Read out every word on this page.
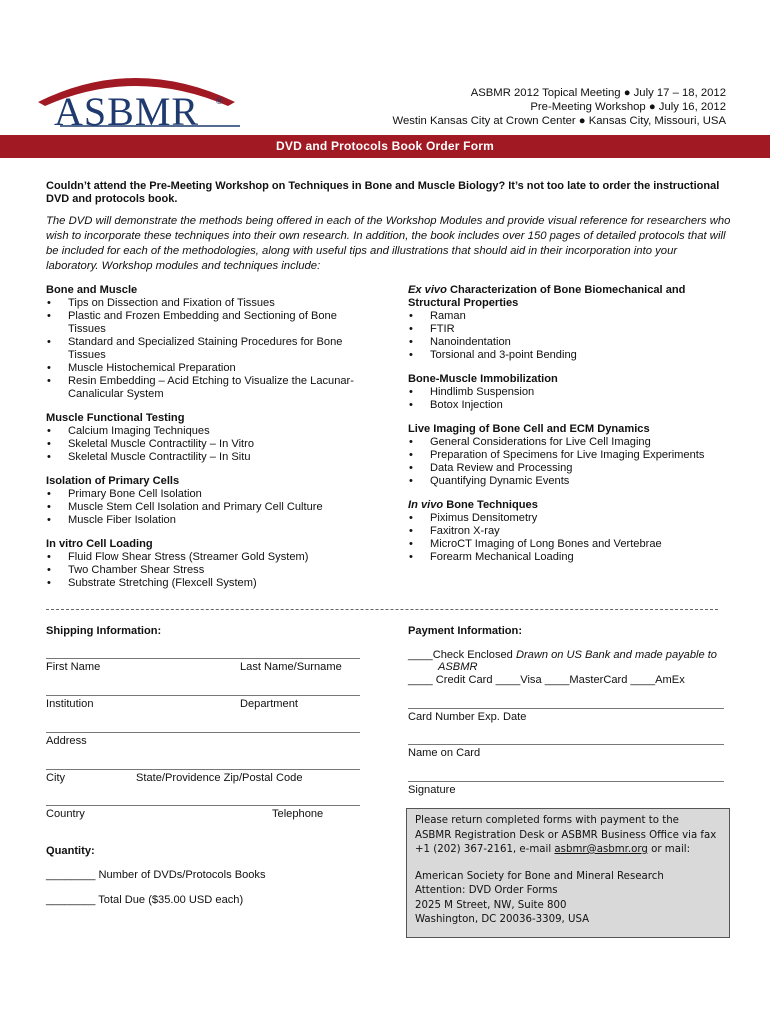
ASBMR ®
ASBMR 2012 Topical Meeting ● July 17 – 18, 2012
Pre-Meeting Workshop ● July 16, 2012
Westin Kansas City at Crown Center ● Kansas City, Missouri, USA
DVD and Protocols Book Order Form
Couldn’t attend the Pre-Meeting Workshop on Techniques in Bone and Muscle Biology? It’s not too late to order the instructional DVD and protocols book.
The DVD will demonstrate the methods being offered in each of the Workshop Modules and provide visual reference for researchers who wish to incorporate these techniques into their own research. In addition, the book includes over 150 pages of detailed protocols that will be included for each of the methodologies, along with useful tips and illustrations that should aid in their incorporation into your laboratory. Workshop modules and techniques include:

Bone and Muscle

• Tips on Dissection and Fixation of Tissues
• Plastic and Frozen Embedding and Sectioning of Bone Tissues
• Standard and Specialized Staining Procedures for Bone Tissues
• Muscle Histochemical Preparation
• Resin Embedding – Acid Etching to Visualize the Lacunar-Canalicular System

Muscle Functional Testing

• Calcium Imaging Techniques
• Skeletal Muscle Contractility – In Vitro
• Skeletal Muscle Contractility – In Situ

Isolation of Primary Cells

• Primary Bone Cell Isolation
• Muscle Stem Cell Isolation and Primary Cell Culture
• Muscle Fiber Isolation

In vitro Cell Loading

• Fluid Flow Shear Stress (Streamer Gold System)
• Two Chamber Shear Stress
• Substrate Stretching (Flexcell System)

Ex vivo Characterization of Bone Biomechanical and Structural Properties

• Raman
• FTIR
• Nanoindentation
• Torsional and 3-point Bending

Bone-Muscle Immobilization

• Hindlimb Suspension
• Botox Injection

Live Imaging of Bone Cell and ECM Dynamics

• General Considerations for Live Cell Imaging
• Preparation of Specimens for Live Imaging Experiments
• Data Review and Processing
• Quantifying Dynamic Events

In vivo Bone Techniques

• Piximus Densitometry
• Faxitron X-ray
• MicroCT Imaging of Long Bones and Vertebrae
• Forearm Mechanical Loading
Shipping Information:
First Name	Last Name/Surname
Institution	Department
Address
City	State/Providence Zip/Postal Code
Country	Telephone
Quantity:
________ Number of DVDs/Protocols Books
________ Total Due ($35.00 USD each)
Payment Information:
____Check Enclosed Drawn on US Bank and made payable to
ASBMR
____ Credit Card ____Visa ____MasterCard ____AmEx
Card Number Exp. Date
Name on Card
Signature

Please return completed forms with payment to the

ASBMR Registration Desk or ASBMR Business Office via fax

+1 (202) 367-2161, e-mail asbmr@asbmr.org or mail:

American Society for Bone and Mineral Research

Attention: DVD Order Forms

2025 M Street, NW, Suite 800

Washington, DC 20036-3309, USA
